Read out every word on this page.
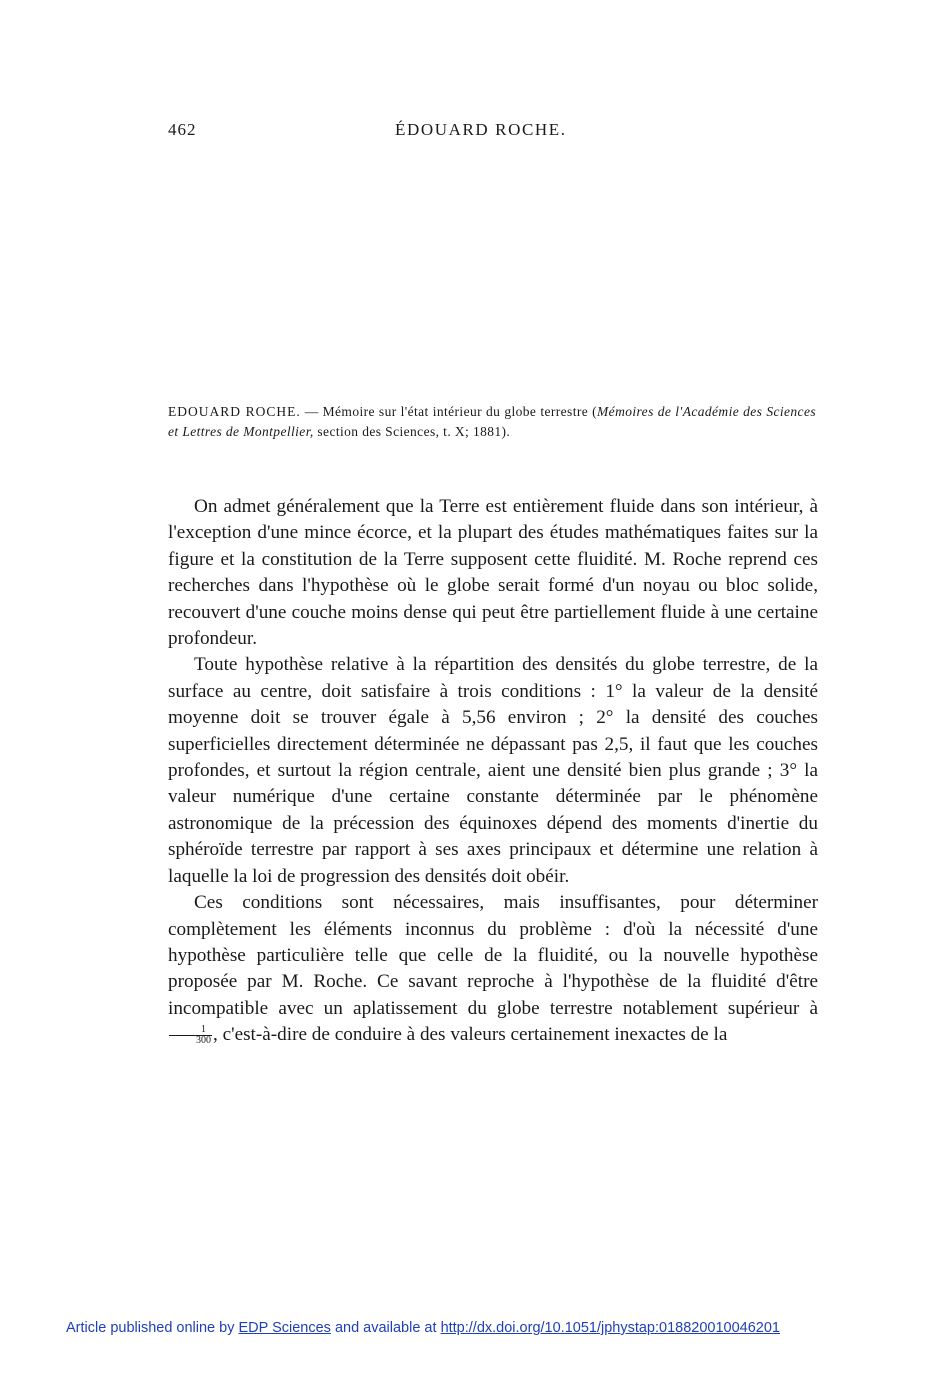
462	ÉDOUARD ROCHE.
EDOUARD ROCHE. — Mémoire sur l'état intérieur du globe terrestre (Mémoires de l'Académie des Sciences et Lettres de Montpellier, section des Sciences, t. X; 1881).

On admet généralement que la Terre est entièrement fluide dans son intérieur, à l'exception d'une mince écorce, et la plupart des études mathématiques faites sur la figure et la constitution de la Terre supposent cette fluidité. M. Roche reprend ces recherches dans l'hypothèse où le globe serait formé d'un noyau ou bloc solide, recouvert d'une couche moins dense qui peut être partiellement fluide à une certaine profondeur.

Toute hypothèse relative à la répartition des densités du globe terrestre, de la surface au centre, doit satisfaire à trois conditions : 1° la valeur de la densité moyenne doit se trouver égale à 5,56 environ ; 2° la densité des couches superficielles directement déterminée ne dépassant pas 2,5, il faut que les couches profondes, et surtout la région centrale, aient une densité bien plus grande ; 3° la valeur numérique d'une certaine constante déterminée par le phénomène astronomique de la précession des équinoxes dépend des moments d'inertie du sphéroïde terrestre par rapport à ses axes principaux et détermine une relation à laquelle la loi de progression des densités doit obéir.

Ces conditions sont nécessaires, mais insuffisantes, pour déterminer complètement les éléments inconnus du problème : d'où la nécessité d'une hypothèse particulière telle que celle de la fluidité, ou la nouvelle hypothèse proposée par M. Roche. Ce savant reproche à l'hypothèse de la fluidité d'être incompatible avec un aplatissement du globe terrestre notablement supérieur à
$\frac{1}{300}$ , c'est-à-dire de conduire à des valeurs certainement inexactes de la

Article published online by EDP Sciences and available at http://dx.doi.org/10.1051/jphystap:018820010046201
